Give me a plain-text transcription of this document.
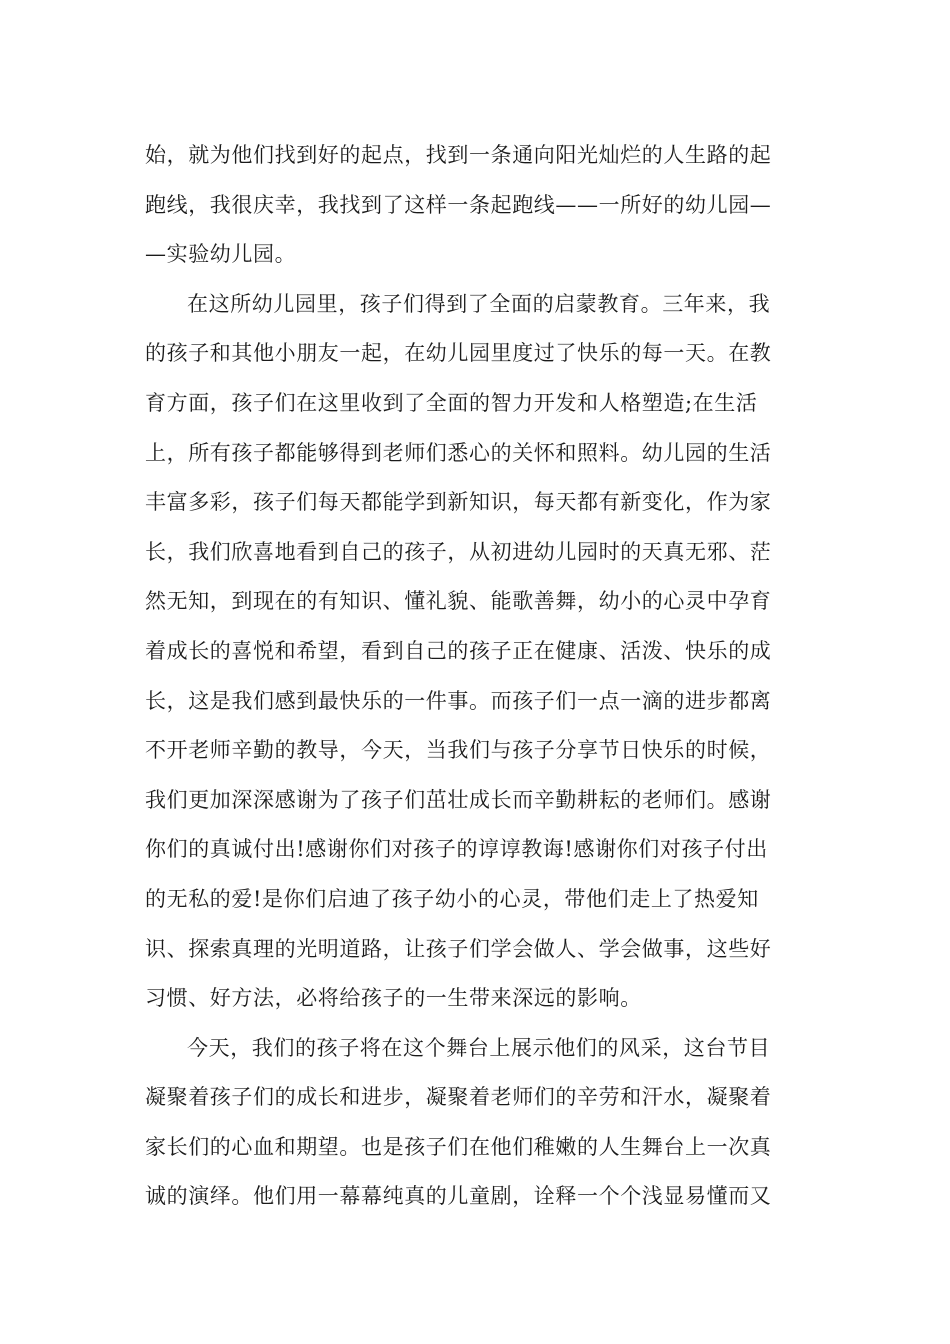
始，就为他们找到好的起点，找到一条通向阳光灿烂的人生路的起
跑线，我很庆幸，我找到了这样一条起跑线——一所好的幼儿园—
—实验幼儿园。

在这所幼儿园里，孩子们得到了全面的启蒙教育。三年来，我
的孩子和其他小朋友一起，在幼儿园里度过了快乐的每一天。在教
育方面，孩子们在这里收到了全面的智力开发和人格塑造;在生活
上，所有孩子都能够得到老师们悉心的关怀和照料。幼儿园的生活
丰富多彩，孩子们每天都能学到新知识，每天都有新变化，作为家
长，我们欣喜地看到自己的孩子，从初进幼儿园时的天真无邪、茫
然无知，到现在的有知识、懂礼貌、能歌善舞，幼小的心灵中孕育
着成长的喜悦和希望，看到自己的孩子正在健康、活泼、快乐的成
长，这是我们感到最快乐的一件事。而孩子们一点一滴的进步都离
不开老师辛勤的教导，今天，当我们与孩子分享节日快乐的时候，
我们更加深深感谢为了孩子们茁壮成长而辛勤耕耘的老师们。感谢
你们的真诚付出!感谢你们对孩子的谆谆教诲!感谢你们对孩子付出
的无私的爱!是你们启迪了孩子幼小的心灵，带他们走上了热爱知
识、探索真理的光明道路，让孩子们学会做人、学会做事，这些好
习惯、好方法，必将给孩子的一生带来深远的影响。

今天，我们的孩子将在这个舞台上展示他们的风采，这台节目
凝聚着孩子们的成长和进步，凝聚着老师们的辛劳和汗水，凝聚着
家长们的心血和期望。也是孩子们在他们稚嫩的人生舞台上一次真
诚的演绎。他们用一幕幕纯真的儿童剧，诠释一个个浅显易懂而又
